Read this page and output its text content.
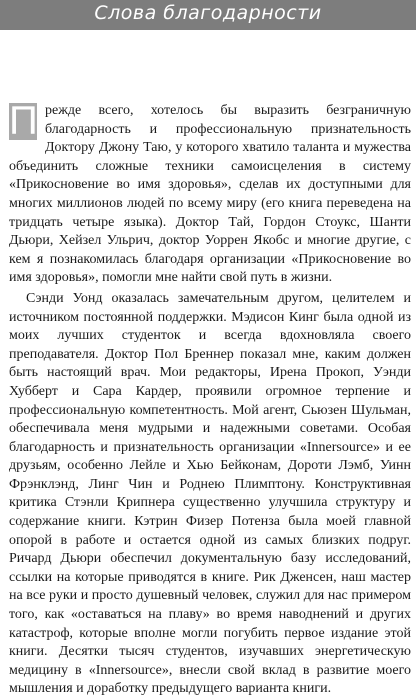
Слова благодарности

П режде всего, хотелось бы выразить безграничную благодарность и профессиональную признательность Доктору Джону Таю, у которого хватило таланта и мужества объединить сложные техники самоисцеления в систему «Прикосновение во имя здоровья», сделав их доступными для многих миллионов людей по всему миру (его книга переведена на тридцать четыре языка). Доктор Тай, Гордон Стоукс, Шанти Дьюри, Хейзел Ульрич, доктор Уоррен Якобс и многие другие, с кем я познакомилась благодаря организации «Прикосновение во имя здоровья», помогли мне найти свой путь в жизни.

Сэнди Уонд оказалась замечательным другом, целителем и источником постоянной поддержки. Мэдисон Кинг была одной из моих лучших студенток и всегда вдохновляла своего преподавателя. Доктор Пол Бреннер показал мне, каким должен быть настоящий врач. Мои редакторы, Ирена Прокоп, Уэнди Хубберт и Сара Кардер, проявили огромное терпение и профессиональную компетентность. Мой агент, Сьюзен Шульман, обеспечивала меня мудрыми и надежными советами. Особая благодарность и признательность организации «Innersource» и ее друзьям, особенно Лейле и Хью Бейконам, Дороти Лэмб, Уинн Фрэнклэнд, Линг Чин и Роднею Плимптону. Конструктивная критика Стэнли Крипнера существенно улучшила структуру и содержание книги. Кэтрин Физер Потенза была моей главной опорой в работе и остается одной из самых близких подруг. Ричард Дьюри обеспечил документальную базу исследований, ссылки на которые приводятся в книге. Рик Дженсен, наш мастер на все руки и просто душевный человек, служил для нас примером того, как «оставаться на плаву» во время наводнений и других катастроф, которые вполне могли погубить первое издание этой книги. Десятки тысяч студентов, изучавших энергетическую медицину в «Innersource», внесли свой вклад в развитие моего мышления и доработку предыдущего варианта книги.
